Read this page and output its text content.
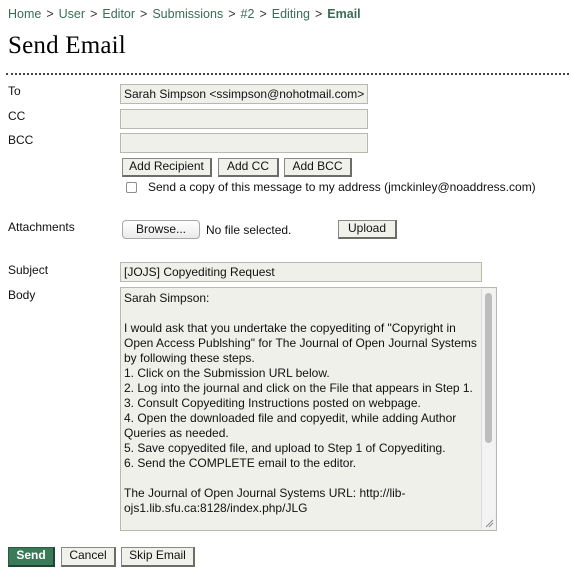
Home > User > Editor > Submissions > #2 > Editing > Email
Send Email
To	Sarah Simpson <ssimpson@nohotmail.com>
CC
BCC
Add Recipient	Add CC	Add BCC
Send a copy of this message to my address (jmckinley@noaddress.com)
Attachments	Browse...	No file selected.	Upload
Subject	[JOJS] Copyediting Request
Body	Sarah Simpson:

I would ask that you undertake the copyediting of "Copyright in Open Access Publshing" for The Journal of Open Journal Systems by following these steps.
1. Click on the Submission URL below.
2. Log into the journal and click on the File that appears in Step 1.
3. Consult Copyediting Instructions posted on webpage.
4. Open the downloaded file and copyedit, while adding Author Queries as needed.
5. Save copyedited file, and upload to Step 1 of Copyediting.
6. Send the COMPLETE email to the editor.

The Journal of Open Journal Systems URL: http://lib-ojs1.lib.sfu.ca:8128/index.php/JLG
Send	Cancel	Skip Email
